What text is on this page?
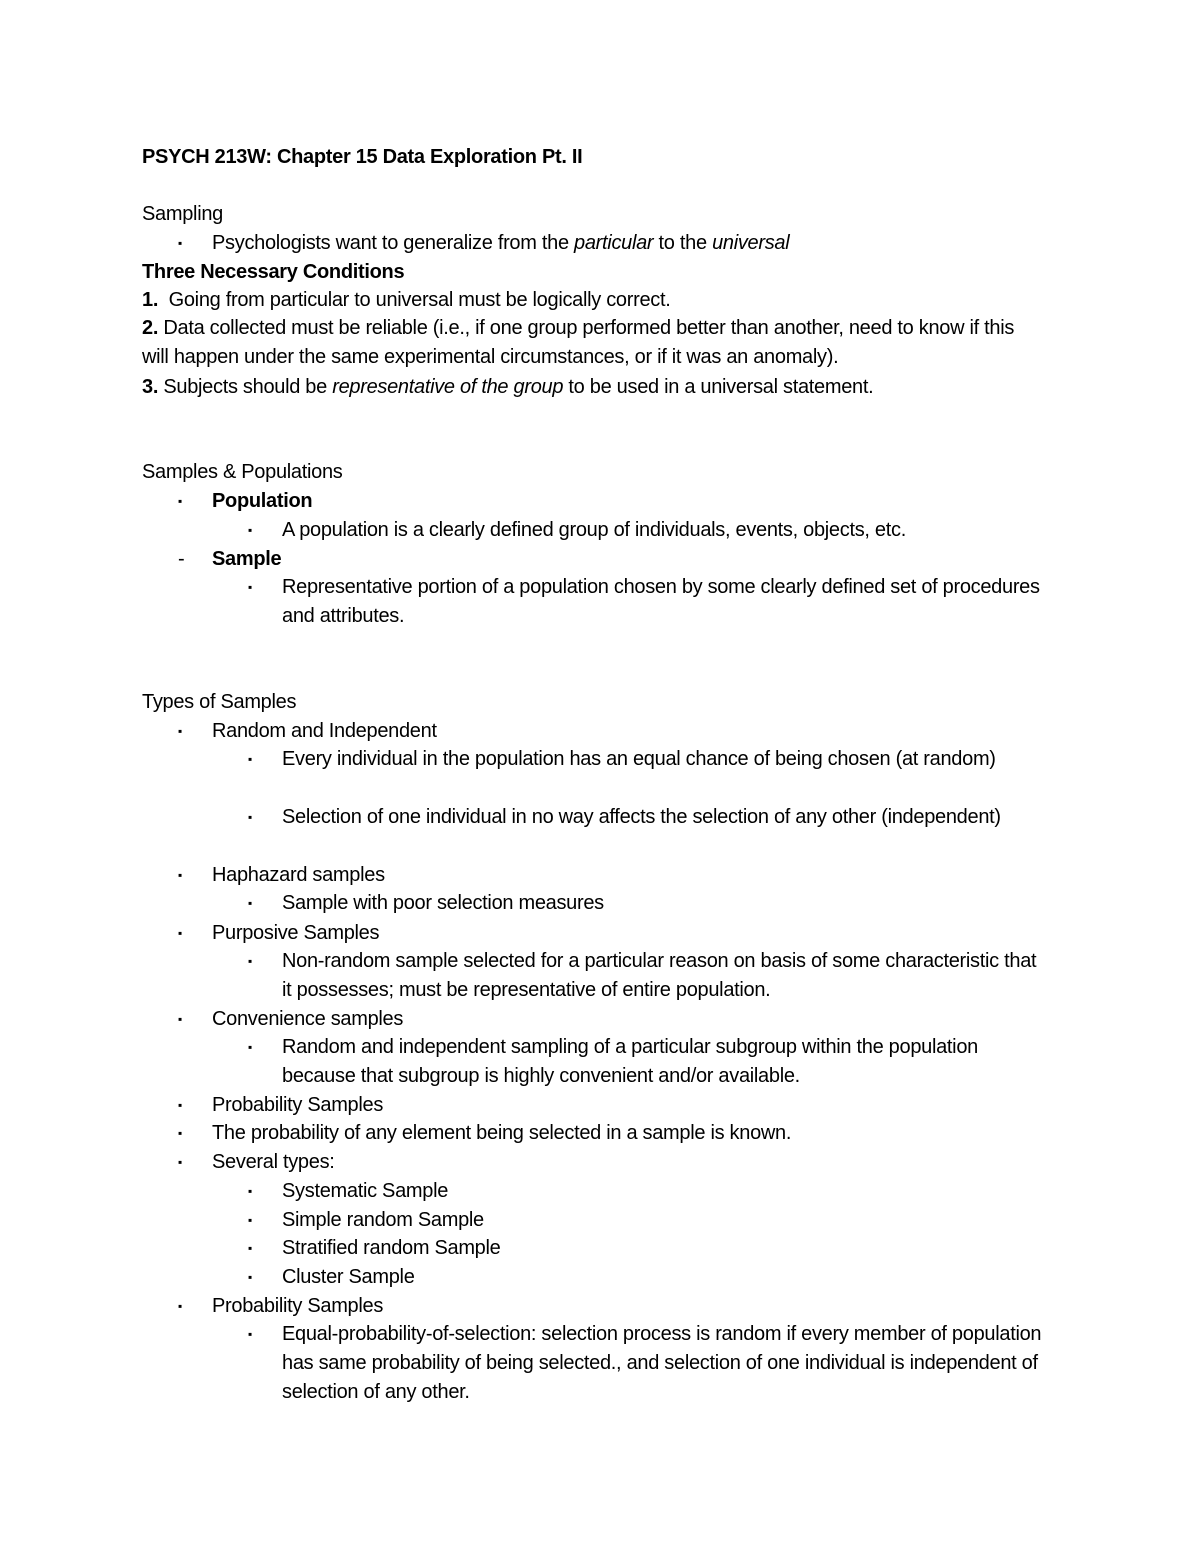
PSYCH 213W: Chapter 15 Data Exploration Pt. II
Sampling
▪ Psychologists want to generalize from the particular to the universal
Three Necessary Conditions
1.  Going from particular to universal must be logically correct.
2. Data collected must be reliable (i.e., if one group performed better than another, need to know if this will happen under the same experimental circumstances, or if it was an anomaly).
3. Subjects should be representative of the group to be used in a universal statement.
Samples & Populations
▪ Population
▪ A population is a clearly defined group of individuals, events, objects, etc.
- Sample
▪ Representative portion of a population chosen by some clearly defined set of procedures and attributes.
Types of Samples
▪ Random and Independent
▪ Every individual in the population has an equal chance of being chosen (at random)
▪ Selection of one individual in no way affects the selection of any other (independent)
▪ Haphazard samples
▪ Sample with poor selection measures
▪ Purposive Samples
▪ Non-random sample selected for a particular reason on basis of some characteristic that it possesses; must be representative of entire population.
▪ Convenience samples
▪ Random and independent sampling of a particular subgroup within the population because that subgroup is highly convenient and/or available.
▪ Probability Samples
▪ The probability of any element being selected in a sample is known.
▪ Several types:
▪ Systematic Sample
▪ Simple random Sample
▪ Stratified random Sample
▪ Cluster Sample
▪ Probability Samples
▪ Equal-probability-of-selection: selection process is random if every member of population has same probability of being selected., and selection of one individual is independent of selection of any other.
